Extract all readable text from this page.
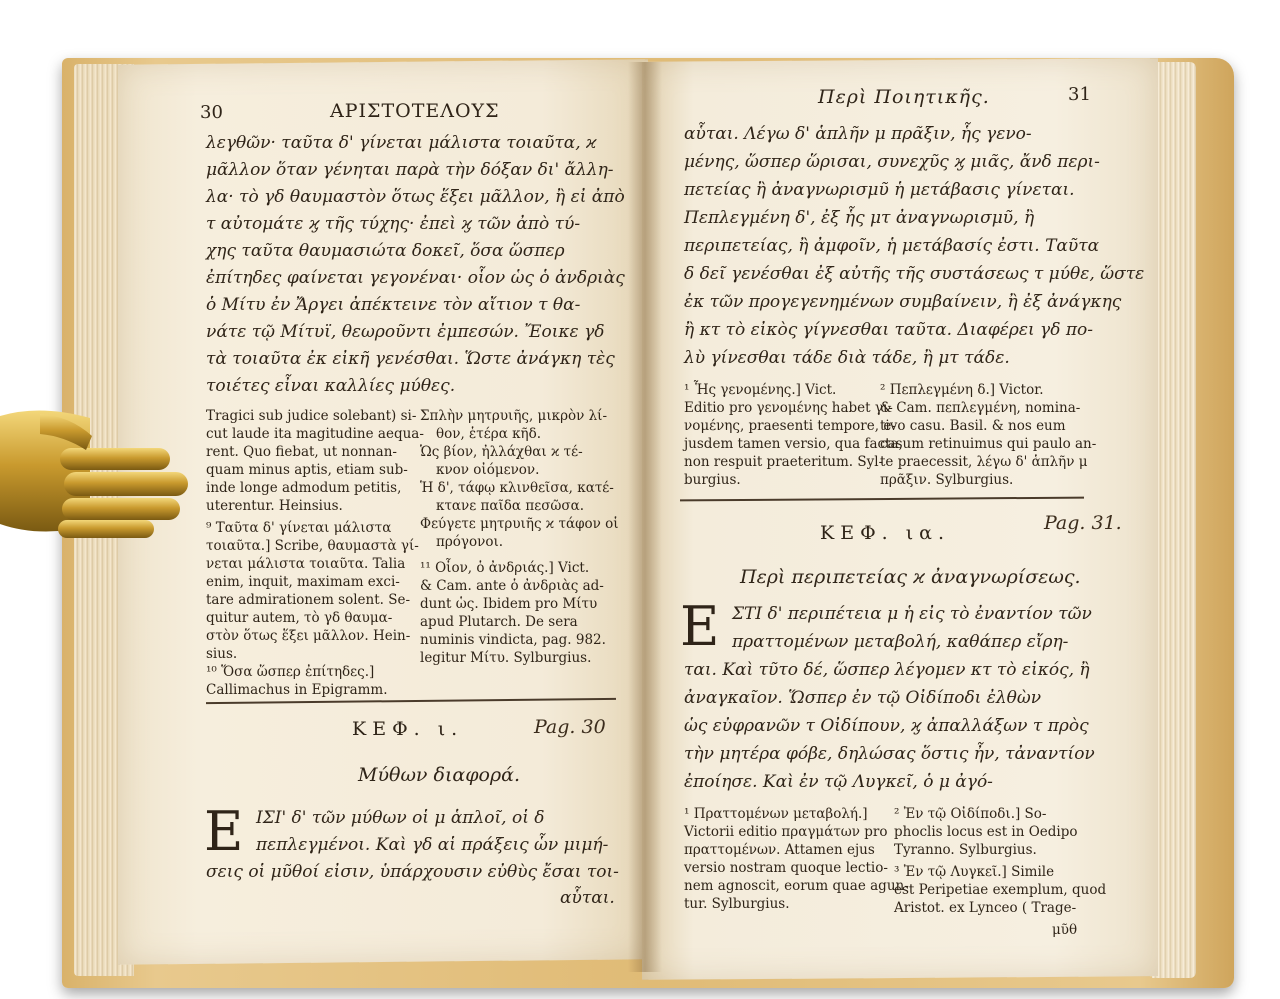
30	ΑΡΙΣΤΟΤΕΛΟΥΣ
λεγθῶν· ταῦτα δ' γίνεται μάλιστα τοιαῦτα, ϰ
μᾶλλον ὅταν γένηται παρὰ τὴν δόξαν δι' ἄλλη-
λα· τὸ γδ θαυμαστὸν ὅτως ἕξει μᾶλλον, ἢ εἰ ἀπὸ
τ αὐτομάτε ϗ τῆς τύχης· ἐπεὶ ϗ τῶν ἀπὸ τύ-
χης ταῦτα θαυμασιώτα δοκεῖ, ὅσα ὥσπερ
ἐπίτηδες φαίνεται γεγονέναι· οἷον ὡς ὁ ἀνδριὰς
ὁ Μίτυ ἐν Ἄργει ἀπέκτεινε τὸν αἴτιον τ θα-
νάτε τῷ Μίτυϊ, θεωροῦντι ἐμπεσών. Ἔοικε γδ
τὰ τοιαῦτα ἐκ εἰκῆ γενέσθαι. Ὥστε ἀνάγκη τὲς
τοιέτες εἶναι καλλίες μύθες.
Tragici sub judice solebant) si-
cut laude ita magitudine aequa-
rent. Quo fiebat, ut nonnan-
quam minus aptis, etiam sub-
inde longe admodum petitis,
uterentur. Heinsius.
⁹ Ταῦτα δ' γίνεται μάλιστα
τοιαῦτα.] Scribe, θαυμαστὰ γί-
νεται μάλιστα τοιαῦτα. Talia
enim, inquit, maximam exci-
tare admirationem solent. Se-
quitur autem, τὸ γδ θαυμα-
στὸν ὅτως ἕξει μᾶλλον. Hein-
sius.
Σπλὴν μητρυιῆς, μικρὸν λί-
θον, ἑτέρα κῆδ.
Ὡς βίον, ἠλλάχθαι ϰ τέ-
κνον οἰόμενον.
Ἡ δ', τάφῳ κλινθεῖσα, κατέ-
κτανε παῖδα πεσῶσα.
Φεύγετε μητρυιῆς ϰ τάφον οἱ
πρόγονοι.
¹¹ Οἷον, ὁ ἀνδριάς.] Vict.
& Cam. ante ὁ ἀνδριὰς ad-
dunt ὡς. Ibidem pro Μίτυ
apud Plutarch. De sera
numinis vindicta, pag. 982.
legitur Μίτυ. Sylburgius.
¹⁰ Ὅσα ὥσπερ ἐπίτηδες.]
Callimachus in Epigramm.
ΚΕΦ. ι.	Pag. 30
Μύθων διαφορά.
Ε ΙΣΙ' δ' τῶν μύθων οἱ μ ἁπλοῖ, οἱ δ
πεπλεγμένοι. Καὶ γδ αἱ πράξεις ὧν μιμή-
σεις οἱ μῦθοί εἰσιν, ὑπάρχουσιν εὐθὺς ἔσαι τοι-
αὗται.
Περὶ Ποιητικῆς.	31
αὗται. Λέγω δ' ἁπλῆν μ πρᾶξιν, ἧς γενο-
μένης, ὥσπερ ὥρισαι, συνεχῦς ϗ μιᾶς, ἄνδ περι-
πετείας ἢ ἀναγνωρισμῦ ἡ μετάβασις γίνεται.
Πεπλεγμένη δ', ἐξ ἧς μτ ἀναγνωρισμῦ, ἢ
περιπετείας, ἢ ἀμφοῖν, ἡ μετάβασίς ἐστι. Ταῦτα
δ δεῖ γενέσθαι ἐξ αὐτῆς τῆς συστάσεως τ μύθε, ὥστε
ἐκ τῶν προγεγενημένων συμβαίνειν, ἢ ἐξ ἀνάγκης
ἢ κτ τὸ εἰκὸς γίγνεσθαι ταῦτα. Διαφέρει γδ πο-
λὺ γίνεσθαι τάδε διὰ τάδε, ἢ μτ τάδε.
¹ Ἧς γενομένης.] Vict.
Editio pro γενομένης habet γι-
νομένης, praesenti tempore, e-
jusdem tamen versio, qua facta,
non respuit praeteritum. Syl-
burgius.
² Πεπλεγμένη δ.] Victor.
& Cam. πεπλεγμένη, nomina-
tivo casu. Basil. & nos eum
casum retinuimus qui paulo an-
te praecessit, λέγω δ' ἁπλῆν μ
πρᾶξιν. Sylburgius.
ΚΕΦ. ια.	Pag. 31.
Περὶ περιπετείας ϰ ἀναγνωρίσεως.
Ε ΣΤΙ δ' περιπέτεια μ ἡ εἰς τὸ ἐναντίον τῶν
πραττομένων μεταβολή, καθάπερ εἴρη-
ται. Καὶ τῦτο δέ, ὥσπερ λέγομεν κτ τὸ εἰκός, ἢ
ἀναγκαῖον. Ὥσπερ ἐν τῷ Οἰδίποδι ἐλθὼν
ὡς εὐφρανῶν τ Οἰδίπουν, ϗ ἀπαλλάξων τ πρὸς
τὴν μητέρα φόβε, δηλώσας ὅστις ἦν, τἀναντίον
ἐποίησε. Καὶ ἐν τῷ Λυγκεῖ, ὁ μ ἀγό-
¹ Πραττομένων μεταβολή.]
Victorii editio πραγμάτων pro
πραττομένων. Attamen ejus
versio nostram quoque lectio-
nem agnoscit, eorum quae agun-
tur. Sylburgius.
² Ἐν τῷ Οἰδίποδι.] So-
phoclis locus est in Oedipo
Tyranno. Sylburgius.
³ Ἐν τῷ Λυγκεῖ.] Simile
est Peripetiae exemplum, quod
Aristot. ex Lynceo ( Trage-
μῦθ
